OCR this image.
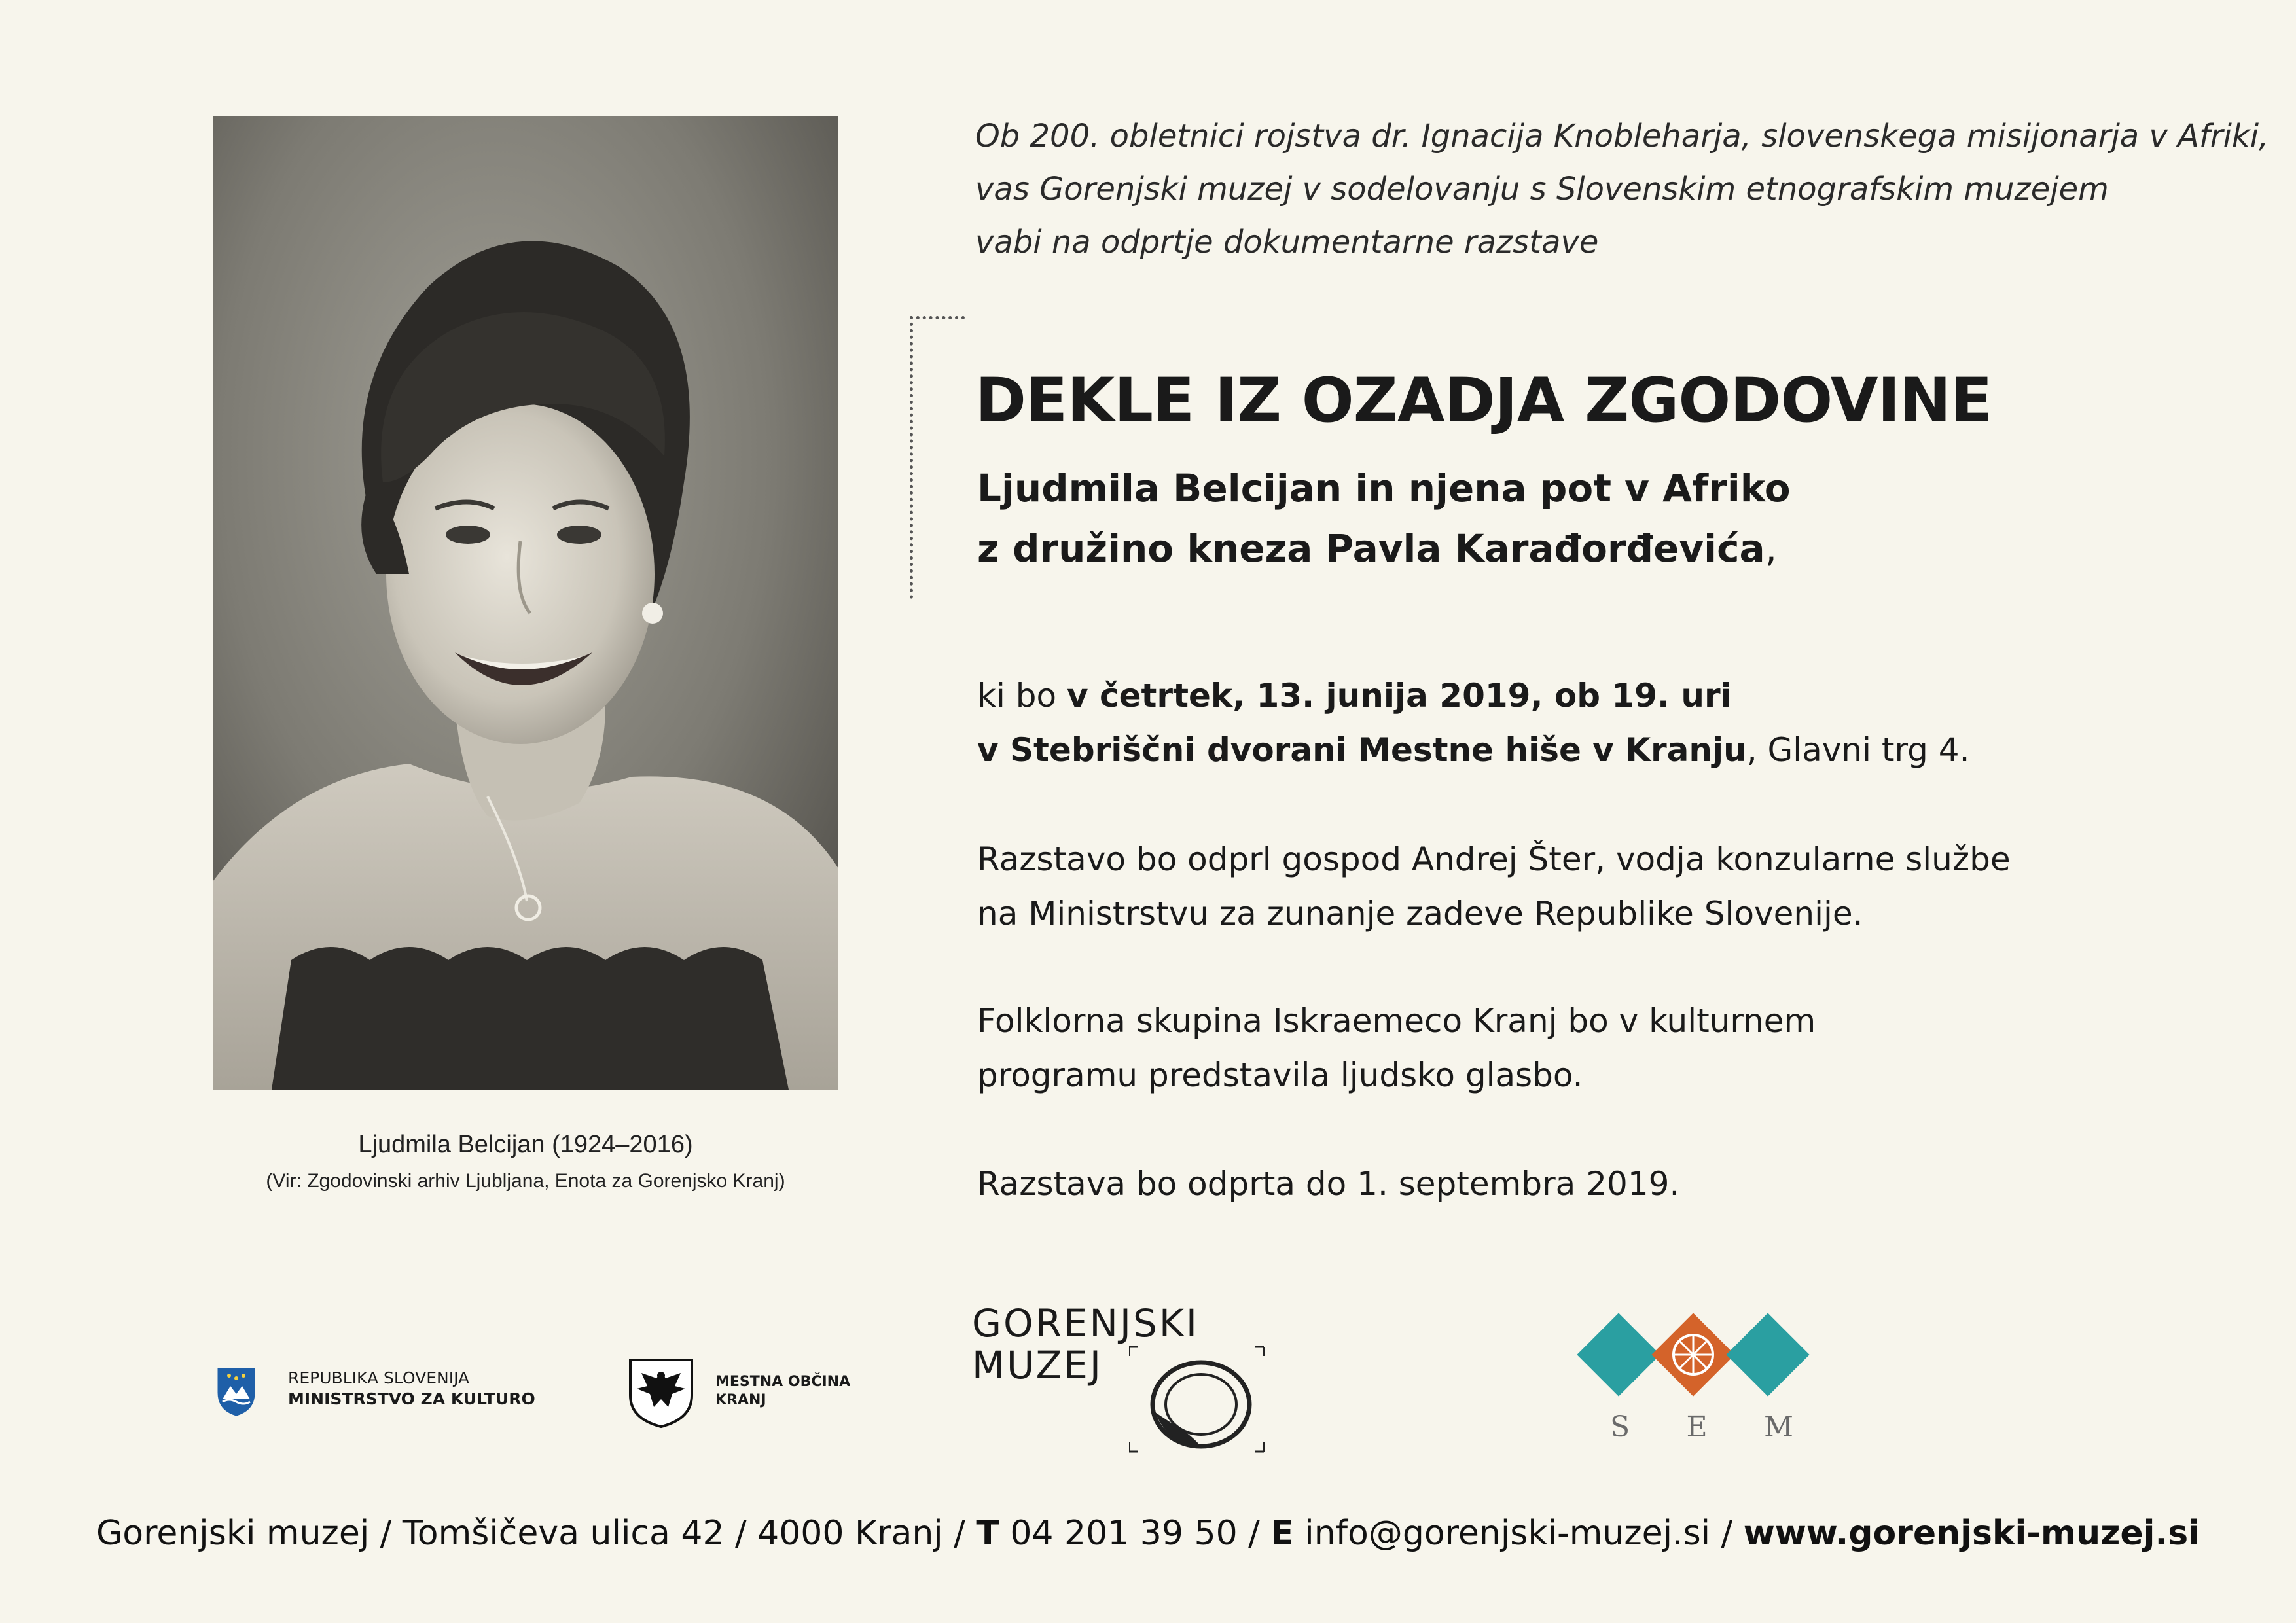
Ljudmila Belcijan (1924–2016)
(Vir: Zgodovinski arhiv Ljubljana, Enota za Gorenjsko Kranj)
Ob 200. obletnici rojstva dr. Ignacija Knobleharja, slovenskega misijonarja v Afriki,
vas Gorenjski muzej v sodelovanju s Slovenskim etnografskim muzejem
vabi na odprtje dokumentarne razstave
DEKLE IZ OZADJA ZGODOVINE
Ljudmila Belcijan in njena pot v Afriko
z družino kneza Pavla Karađorđevića,
ki bo v četrtek, 13. junija 2019, ob 19. uri
v Stebriščni dvorani Mestne hiše v Kranju, Glavni trg 4.
Razstavo bo odprl gospod Andrej Šter, vodja konzularne službe
na Ministrstvu za zunanje zadeve Republike Slovenije.
Folklorna skupina Iskraemeco Kranj bo v kulturnem
programu predstavila ljudsko glasbo.
Razstava bo odprta do 1. septembra 2019.
REPUBLIKA SLOVENIJA
MINISTRSTVO ZA KULTURO
MESTNA OBČINA
KRANJ
GORENJSKI
MUZEJ
S E M
Gorenjski muzej / Tomšičeva ulica 42 / 4000 Kranj / T 04 201 39 50 / E info@gorenjski-muzej.si / www.gorenjski-muzej.si
